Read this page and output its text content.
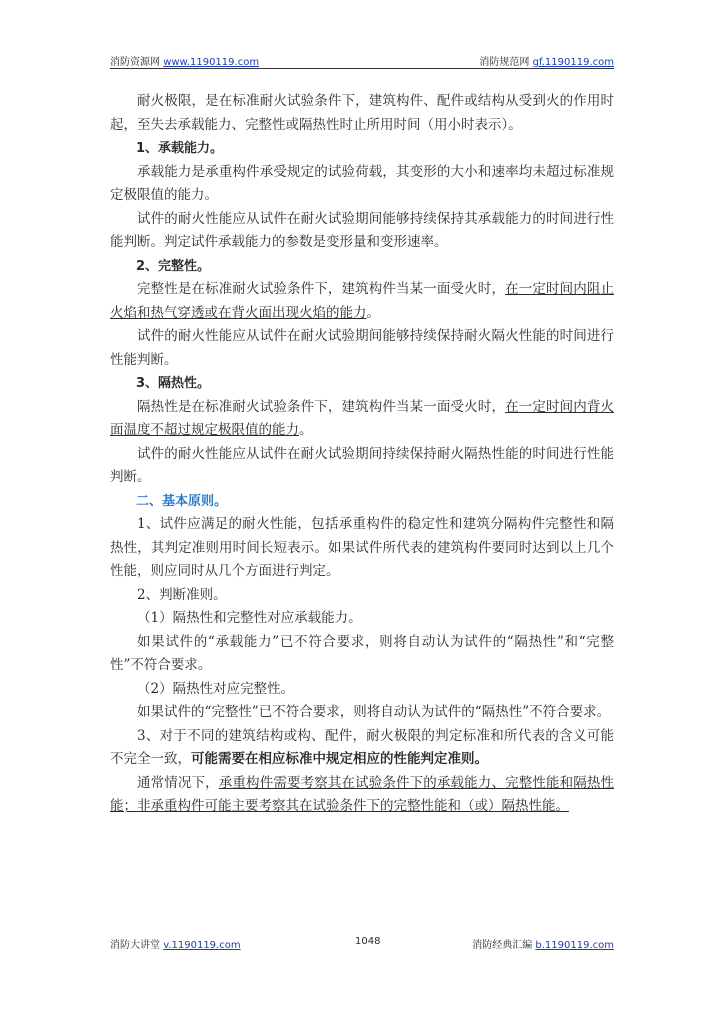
消防资源网 www.1190119.com	消防规范网 gf.1190119.com

耐火极限，是在标准耐火试验条件下，建筑构件、配件或结构从受到火的作用时起，至失去承载能力、完整性或隔热性时止所用时间（用小时表示）。

1、承载能力。

承载能力是承重构件承受规定的试验荷载，其变形的大小和速率均未超过标准规定极限值的能力。

试件的耐火性能应从试件在耐火试验期间能够持续保持其承载能力的时间进行性能判断。判定试件承载能力的参数是变形量和变形速率。

2、完整性。

完整性是在标准耐火试验条件下，建筑构件当某一面受火时，在一定时间内阻止火焰和热气穿透或在背火面出现火焰的能力。

试件的耐火性能应从试件在耐火试验期间能够持续保持耐火隔火性能的时间进行性能判断。

3、隔热性。

隔热性是在标准耐火试验条件下，建筑构件当某一面受火时，在一定时间内背火面温度不超过规定极限值的能力。

试件的耐火性能应从试件在耐火试验期间持续保持耐火隔热性能的时间进行性能判断。

二、基本原则。

1、试件应满足的耐火性能，包括承重构件的稳定性和建筑分隔构件完整性和隔热性，其判定准则用时间长短表示。如果试件所代表的建筑构件要同时达到以上几个性能，则应同时从几个方面进行判定。

2、判断准则。

（1）隔热性和完整性对应承载能力。

如果试件的“承载能力”已不符合要求，则将自动认为试件的“隔热性”和“完整性”不符合要求。

（2）隔热性对应完整性。

如果试件的“完整性”已不符合要求，则将自动认为试件的“隔热性”不符合要求。

3、对于不同的建筑结构或构、配件，耐火极限的判定标准和所代表的含义可能不完全一致，可能需要在相应标准中规定相应的性能判定准则。

通常情况下，承重构件需要考察其在试验条件下的承载能力、完整性能和隔热性能；非承重构件可能主要考察其在试验条件下的完整性能和（或）隔热性能。

消防大讲堂 v.1190119.com	1048	消防经典汇编 b.1190119.com
